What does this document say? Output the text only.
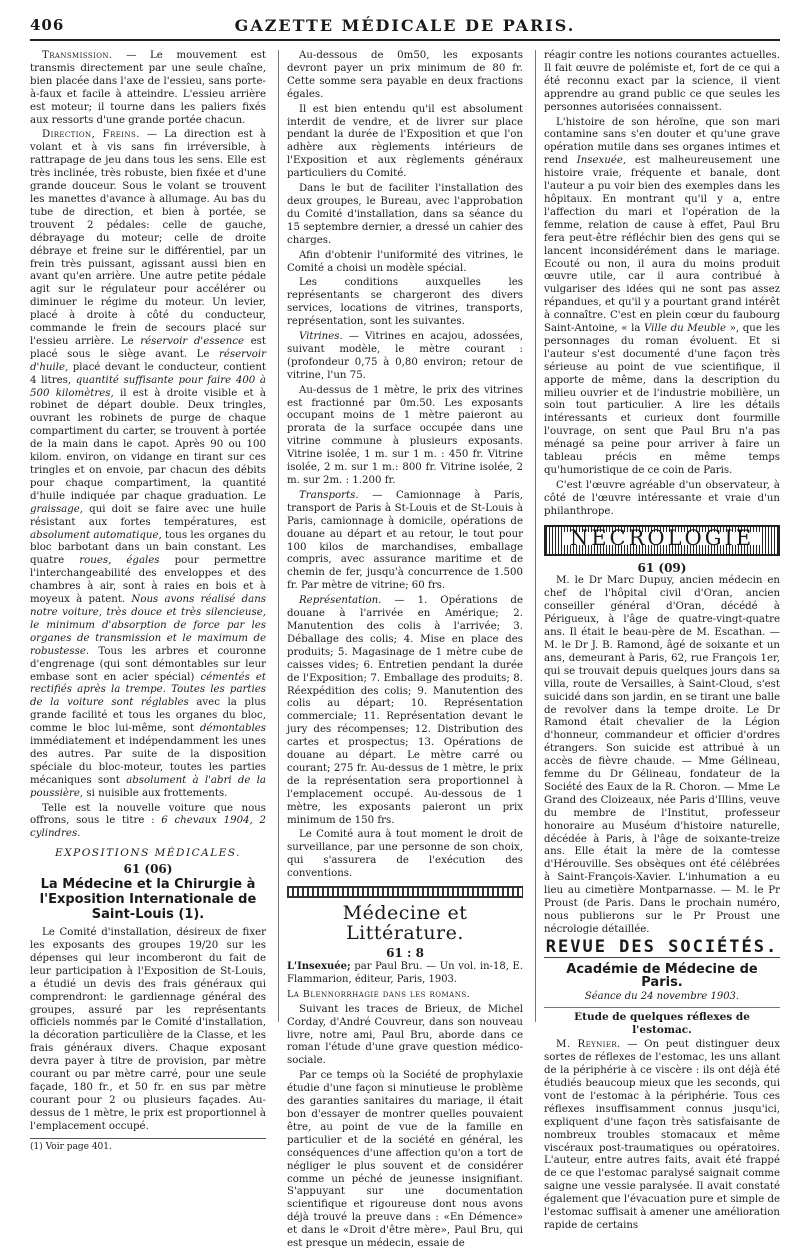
406	GAZETTE MÉDICALE DE PARIS.

Transmission. — Le mouvement est transmis directement par une seule chaîne, bien placée dans l'axe de l'essieu, sans porte-à-faux et facile à atteindre. L'essieu arrière est moteur; il tourne dans les paliers fixés aux ressorts d'une grande portée chacun.

Direction, Freins. — La direction est à volant et à vis sans fin irréversible, à rattrapage de jeu dans tous les sens. Elle est très inclinée, très robuste, bien fixée et d'une grande douceur. Sous le volant se trouvent les manettes d'avance à allumage. Au bas du tube de direction, et bien à portée, se trouvent 2 pédales: celle de gauche, débrayage du moteur; celle de droite débraye et freine sur le différentiel, par un frein très puissant, agissant aussi bien en avant qu'en arrière. Une autre petite pédale agit sur le régulateur pour accélérer ou diminuer le régime du moteur. Un levier, placé à droite à côté du conducteur, commande le frein de secours placé sur l'essieu arrière. Le réservoir d'essence est placé sous le siège avant. Le réservoir d'huile, placé devant le conducteur, contient 4 litres, quantité suffisante pour faire 400 à 500 kilomètres, il est à droite visible et à robinet de départ double. Deux tringles, ouvrant les robinets de purge de chaque compartiment du carter, se trouvent à portée de la main dans le capot. Après 90 ou 100 kilom. environ, on vidange en tirant sur ces tringles et on envoie, par chacun des débits pour chaque compartiment, la quantité d'huile indiquée par chaque graduation. Le graissage, qui doit se faire avec une huile résistant aux fortes températures, est absolument automatique, tous les organes du bloc barbotant dans un bain constant. Les quatre roues, égales pour permettre l'interchangeabilité des enveloppes et des chambres à air, sont à raies en bois et à moyeux à patent. Nous avons réalisé dans notre voiture, très douce et très silencieuse, le minimum d'absorption de force par les organes de transmission et le maximum de robustesse. Tous les arbres et couronne d'engrenage (qui sont démontables sur leur embase sont en acier spécial) cémentés et rectifiés après la trempe. Toutes les parties de la voiture sont réglables avec la plus grande facilité et tous les organes du bloc, comme le bloc lui-même, sont démontables immédiatement et indépendamment les unes des autres. Par suite de la disposition spéciale du bloc-moteur, toutes les parties mécaniques sont absolument à l'abri de la poussière, si nuisible aux frottements.

Telle est la nouvelle voiture que nous offrons, sous le titre : 6 chevaux 1904, 2 cylindres.

EXPOSITIONS MÉDICALES.
61 (06)
La Médecine et la Chirurgie à l'Exposition Internationale de Saint-Louis (1).

Le Comité d'installation, désireux de fixer les exposants des groupes 19/20 sur les dépenses qui leur incomberont du fait de leur participation à l'Exposition de St-Louis, a étudié un devis des frais généraux qui comprendront: le gardiennage général des groupes, assuré par les représentants officiels nommés par le Comité d'installation, la décoration particulière de la Classe, et les frais généraux divers. Chaque exposant devra payer à titre de provision, par mètre courant ou par mètre carré, pour une seule façade, 180 fr., et 50 fr. en sus par mètre courant pour 2 ou plusieurs façades. Au-dessus de 1 mètre, le prix est proportionnel à l'emplacement occupé.

(1) Voir page 401.

Au-dessous de 0m50, les exposants devront payer un prix minimum de 80 fr. Cette somme sera payable en deux fractions égales.

Il est bien entendu qu'il est absolument interdit de vendre, et de livrer sur place pendant la durée de l'Exposition et que l'on adhère aux règlements intérieurs de l'Exposition et aux règlements généraux particuliers du Comité.

Dans le but de faciliter l'installation des deux groupes, le Bureau, avec l'approbation du Comité d'installation, dans sa séance du 15 septembre dernier, a dressé un cahier des charges.

Afin d'obtenir l'uniformité des vitrines, le Comité a choisi un modèle spécial.

Les conditions auxquelles les représentants se chargeront des divers services, locations de vitrines, transports, représentation, sont les suivantes.

Vitrines. — Vitrines en acajou, adossées, suivant modèle, le mètre courant : (profondeur 0,75 à 0,80 environ; retour de vitrine, l'un 75.

Au-dessus de 1 mètre, le prix des vitrines est fractionné par 0m.50. Les exposants occupant moins de 1 mètre paieront au prorata de la surface occupée dans une vitrine commune à plusieurs exposants. Vitrine isolée, 1 m. sur 1 m. : 450 fr. Vitrine isolée, 2 m. sur 1 m.: 800 fr. Vitrine isolée, 2 m. sur 2m. : 1.200 fr.

Transports. — Camionnage à Paris, transport de Paris à St-Louis et de St-Louis à Paris, camionnage à domicile, opérations de douane au départ et au retour, le tout pour 100 kilos de marchandises, emballage compris, avec assurance maritime et de chemin de fer, jusqu'à concurrence de 1.500 fr. Par mètre de vitrine; 60 frs.

Représentation. — 1. Opérations de douane à l'arrivée en Amérique; 2. Manutention des colis à l'arrivée; 3. Déballage des colis; 4. Mise en place des produits; 5. Magasinage de 1 mètre cube de caisses vides; 6. Entretien pendant la durée de l'Exposition; 7. Emballage des produits; 8. Réexpédition des colis; 9. Manutention des colis au départ; 10. Représentation commerciale; 11. Représentation devant le jury des récompenses; 12. Distribution des cartes et prospectus; 13. Opérations de douane au départ. Le mètre carré ou courant; 275 fr. Au-dessus de 1 mètre, le prix de la représentation sera proportionnel à l'emplacement occupé. Au-dessous de 1 mètre, les exposants paieront un prix minimum de 150 frs.

Le Comité aura à tout moment le droit de surveillance, par une personne de son choix, qui s'assurera de l'exécution des conventions.

Médecine et Littérature.
61 : 8

L'Insexuée; par Paul Bru. — Un vol. in-18, E. Flammarion, éditeur, Paris, 1903.

La Blennorrhagie dans les romans.

Suivant les traces de Brieux, de Michel Corday, d'André Couvreur, dans son nouveau livre, notre ami, Paul Bru, aborde dans ce roman l'étude d'une grave question médico-sociale.

Par ce temps où la Société de prophylaxie étudie d'une façon si minutieuse le problème des garanties sanitaires du mariage, il était bon d'essayer de montrer quelles pouvaient être, au point de vue de la famille en particulier et de la société en général, les conséquences d'une affection qu'on a tort de négliger le plus souvent et de considérer comme un péché de jeunesse insignifiant. S'appuyant sur une documentation scientifique et rigoureuse dont nous avons déjà trouvé la preuve dans : «En Démence» et dans le «Droit d'être mère», Paul Bru, qui est presque un médecin, essaie de

réagir contre les notions courantes actuelles. Il fait œuvre de polémiste et, fort de ce qui a été reconnu exact par la science, il vient apprendre au grand public ce que seules les personnes autorisées connaissent.

L'histoire de son héroïne, que son mari contamine sans s'en douter et qu'une grave opération mutile dans ses organes intimes et rend Insexuée, est malheureusement une histoire vraie, fréquente et banale, dont l'auteur a pu voir bien des exemples dans les hôpitaux. En montrant qu'il y a, entre l'affection du mari et l'opération de la femme, relation de cause à effet, Paul Bru fera peut-être réfléchir bien des gens qui se lancent inconsidérément dans le mariage. Ecouté ou non, il aura du moins produit œuvre utile, car il aura contribué à vulgariser des idées qui ne sont pas assez répandues, et qu'il y a pourtant grand intérêt à connaître. C'est en plein cœur du faubourg Saint-Antoine, « la Ville du Meuble », que les personnages du roman évoluent. Et si l'auteur s'est documenté d'une façon très sérieuse au point de vue scientifique, il apporte de même, dans la description du milieu ouvrier et de l'industrie mobilière, un soin tout particulier. A lire les détails intéressants et curieux dont fourmille l'ouvrage, on sent que Paul Bru n'a pas ménagé sa peine pour arriver à faire un tableau précis en même temps qu'humoristique de ce coin de Paris.

C'est l'œuvre agréable d'un observateur, à côté de l'œuvre intéressante et vraie d'un philanthrope.

NÉCROLOGIE
61 (09)

M. le Dr Marc Dupuy, ancien médecin en chef de l'hôpital civil d'Oran, ancien conseiller général d'Oran, décédé à Périgueux, à l'âge de quatre-vingt-quatre ans. Il était le beau-père de M. Escathan. — M. le Dr J. B. Ramond, âgé de soixante et un ans, demeurant à Paris, 62, rue François 1er, qui se trouvait depuis quelques jours dans sa villa, route de Versailles, à Saint-Cloud, s'est suicidé dans son jardin, en se tirant une balle de revolver dans la tempe droite. Le Dr Ramond était chevalier de la Légion d'honneur, commandeur et officier d'ordres étrangers. Son suicide est attribué à un accès de fièvre chaude. — Mme Gélineau, femme du Dr Gélineau, fondateur de la Société des Eaux de la R. Choron. — Mme Le Grand des Cloizeaux, née Paris d'Illins, veuve du membre de l'Institut, professeur honoraire au Muséum d'histoire naturelle, décédée à Paris, à l'âge de soixante-treize ans. Elle était la mère de la comtesse d'Hérouville. Ses obsèques ont été célébrées à Saint-François-Xavier. L'inhumation a eu lieu au cimetière Montparnasse. — M. le Pr Proust (de Paris. Dans le prochain numéro, nous publierons sur le Pr Proust une nécrologie détaillée.

REVUE DES SOCIÉTÉS.
Académie de Médecine de Paris.
Séance du 24 novembre 1903.
Etude de quelques réflexes de l'estomac.

M. Reynier. — On peut distinguer deux sortes de réflexes de l'estomac, les uns allant de la périphérie à ce viscère : ils ont déjà été étudiés beaucoup mieux que les seconds, qui vont de l'estomac à la périphérie. Tous ces réflexes insuffisamment connus jusqu'ici, expliquent d'une façon très satisfaisante de nombreux troubles stomacaux et même viscéraux post-traumatiques ou opératoires. L'auteur, entre autres faits, avait été frappé de ce que l'estomac paralysé saignait comme saigne une vessie paralysée. Il avait constaté également que l'évacuation pure et simple de l'estomac suffisait à amener une amélioration rapide de certains
